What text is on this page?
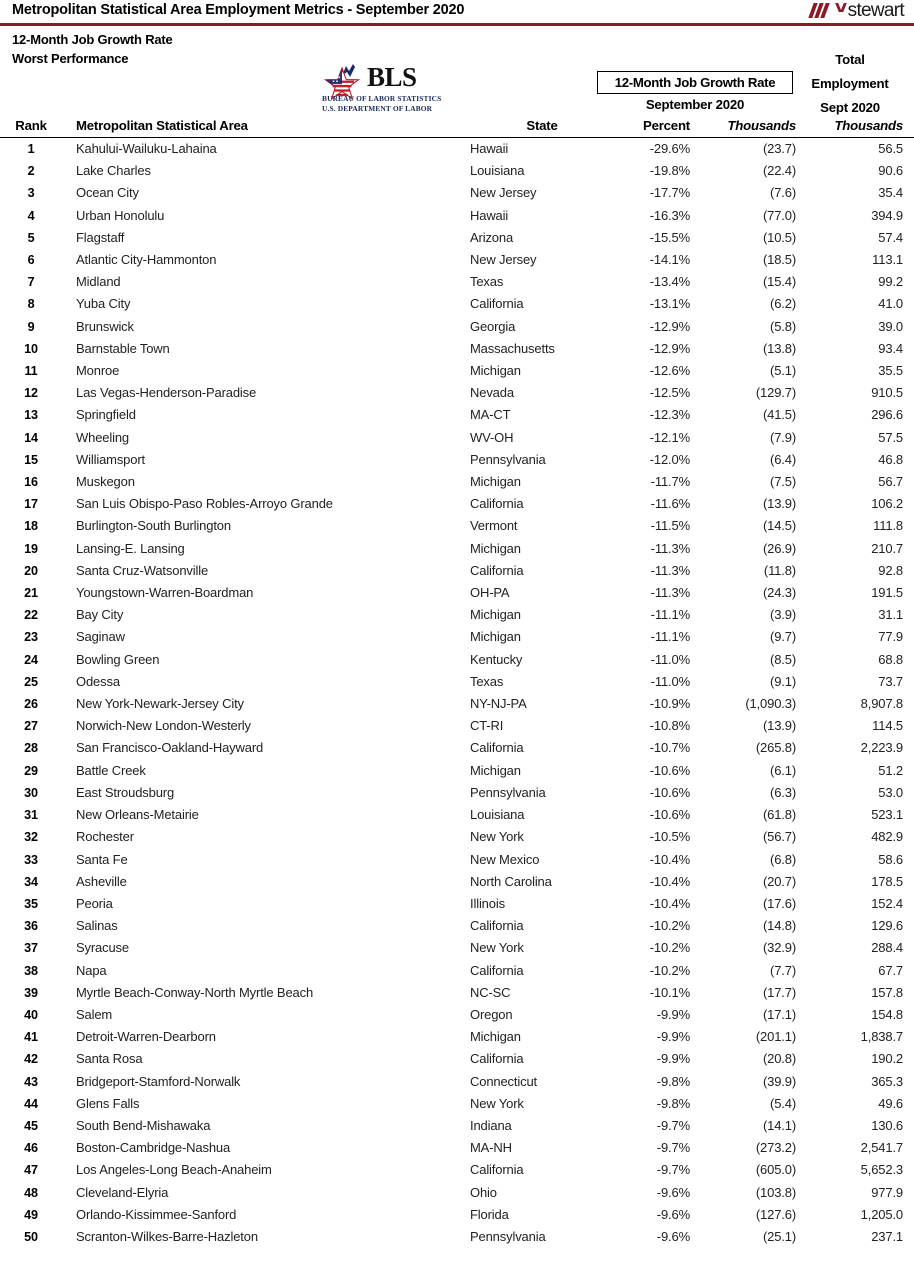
Metropolitan Statistical Area Employment Metrics - September 2020	stewart
12-Month Job Growth Rate
Worst Performance
BLS
BUREAU OF LABOR STATISTICS
U.S. DEPARTMENT OF LABOR
12-Month Job Growth Rate
September 2020
Total
Employment
Sept 2020
Rank	Metropolitan Statistical Area	State	Percent	Thousands	Thousands
1	Kahului-Wailuku-Lahaina	Hawaii	-29.6%	(23.7)	56.5
2	Lake Charles	Louisiana	-19.8%	(22.4)	90.6
3	Ocean City	New Jersey	-17.7%	(7.6)	35.4
4	Urban Honolulu	Hawaii	-16.3%	(77.0)	394.9
5	Flagstaff	Arizona	-15.5%	(10.5)	57.4
6	Atlantic City-Hammonton	New Jersey	-14.1%	(18.5)	113.1
7	Midland	Texas	-13.4%	(15.4)	99.2
8	Yuba City	California	-13.1%	(6.2)	41.0
9	Brunswick	Georgia	-12.9%	(5.8)	39.0
10	Barnstable Town	Massachusetts	-12.9%	(13.8)	93.4
11	Monroe	Michigan	-12.6%	(5.1)	35.5
12	Las Vegas-Henderson-Paradise	Nevada	-12.5%	(129.7)	910.5
13	Springfield	MA-CT	-12.3%	(41.5)	296.6
14	Wheeling	WV-OH	-12.1%	(7.9)	57.5
15	Williamsport	Pennsylvania	-12.0%	(6.4)	46.8
16	Muskegon	Michigan	-11.7%	(7.5)	56.7
17	San Luis Obispo-Paso Robles-Arroyo Grande	California	-11.6%	(13.9)	106.2
18	Burlington-South Burlington	Vermont	-11.5%	(14.5)	111.8
19	Lansing-E. Lansing	Michigan	-11.3%	(26.9)	210.7
20	Santa Cruz-Watsonville	California	-11.3%	(11.8)	92.8
21	Youngstown-Warren-Boardman	OH-PA	-11.3%	(24.3)	191.5
22	Bay City	Michigan	-11.1%	(3.9)	31.1
23	Saginaw	Michigan	-11.1%	(9.7)	77.9
24	Bowling Green	Kentucky	-11.0%	(8.5)	68.8
25	Odessa	Texas	-11.0%	(9.1)	73.7
26	New York-Newark-Jersey City	NY-NJ-PA	-10.9%	(1,090.3)	8,907.8
27	Norwich-New London-Westerly	CT-RI	-10.8%	(13.9)	114.5
28	San Francisco-Oakland-Hayward	California	-10.7%	(265.8)	2,223.9
29	Battle Creek	Michigan	-10.6%	(6.1)	51.2
30	East Stroudsburg	Pennsylvania	-10.6%	(6.3)	53.0
31	New Orleans-Metairie	Louisiana	-10.6%	(61.8)	523.1
32	Rochester	New York	-10.5%	(56.7)	482.9
33	Santa Fe	New Mexico	-10.4%	(6.8)	58.6
34	Asheville	North Carolina	-10.4%	(20.7)	178.5
35	Peoria	Illinois	-10.4%	(17.6)	152.4
36	Salinas	California	-10.2%	(14.8)	129.6
37	Syracuse	New York	-10.2%	(32.9)	288.4
38	Napa	California	-10.2%	(7.7)	67.7
39	Myrtle Beach-Conway-North Myrtle Beach	NC-SC	-10.1%	(17.7)	157.8
40	Salem	Oregon	-9.9%	(17.1)	154.8
41	Detroit-Warren-Dearborn	Michigan	-9.9%	(201.1)	1,838.7
42	Santa Rosa	California	-9.9%	(20.8)	190.2
43	Bridgeport-Stamford-Norwalk	Connecticut	-9.8%	(39.9)	365.3
44	Glens Falls	New York	-9.8%	(5.4)	49.6
45	South Bend-Mishawaka	Indiana	-9.7%	(14.1)	130.6
46	Boston-Cambridge-Nashua	MA-NH	-9.7%	(273.2)	2,541.7
47	Los Angeles-Long Beach-Anaheim	California	-9.7%	(605.0)	5,652.3
48	Cleveland-Elyria	Ohio	-9.6%	(103.8)	977.9
49	Orlando-Kissimmee-Sanford	Florida	-9.6%	(127.6)	1,205.0
50	Scranton-Wilkes-Barre-Hazleton	Pennsylvania	-9.6%	(25.1)	237.1
